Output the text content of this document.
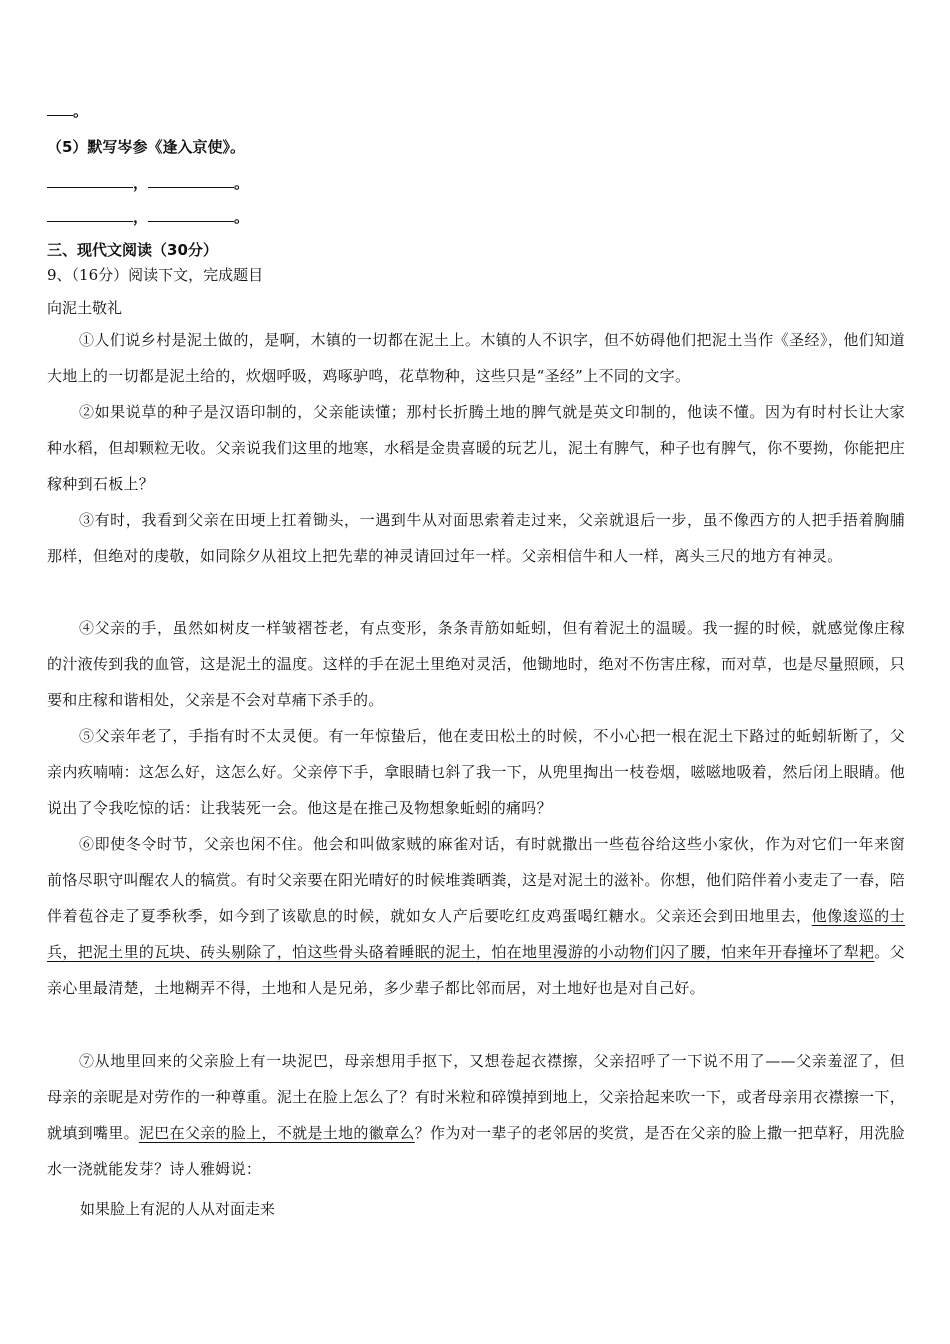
。
（5）默写岑参《逢入京使》。
，	。
，	。
三、现代文阅读（30分）
9、（16分）阅读下文，完成题目
向泥土敬礼
①人们说乡村是泥土做的，是啊，木镇的一切都在泥土上。木镇的人不识字，但不妨碍他们把泥土当作《圣经》，他们知道大地上的一切都是泥土给的，炊烟呼吸，鸡啄驴鸣，花草物种，这些只是“圣经”上不同的文字。
②如果说草的种子是汉语印制的，父亲能读懂；那村长折腾土地的脾气就是英文印制的，他读不懂。因为有时村长让大家种水稻，但却颗粒无收。父亲说我们这里的地寒，水稻是金贵喜暖的玩艺儿，泥土有脾气，种子也有脾气，你不要拗，你能把庄稼种到石板上？
③有时，我看到父亲在田埂上扛着锄头，一遇到牛从对面思索着走过来，父亲就退后一步，虽不像西方的人把手捂着胸脯那样，但绝对的虔敬，如同除夕从祖坟上把先辈的神灵请回过年一样。父亲相信牛和人一样，离头三尺的地方有神灵。
④父亲的手，虽然如树皮一样皱褶苍老，有点变形，条条青筋如蚯蚓，但有着泥土的温暖。我一握的时候，就感觉像庄稼的汁液传到我的血管，这是泥土的温度。这样的手在泥土里绝对灵活，他锄地时，绝对不伤害庄稼，而对草，也是尽量照顾，只要和庄稼和谐相处，父亲是不会对草痛下杀手的。
⑤父亲年老了，手指有时不太灵便。有一年惊蛰后，他在麦田松土的时候，不小心把一根在泥土下路过的蚯蚓斩断了，父亲内疚喃喃：这怎么好，这怎么好。父亲停下手，拿眼睛乜斜了我一下，从兜里掏出一枝卷烟，嗞嗞地吸着，然后闭上眼睛。他说出了令我吃惊的话：让我装死一会。他这是在推己及物想象蚯蚓的痛吗？
⑥即使冬令时节，父亲也闲不住。他会和叫做家贼的麻雀对话，有时就撒出一些苞谷给这些小家伙，作为对它们一年来窗前恪尽职守叫醒农人的犒赏。有时父亲要在阳光晴好的时候堆粪晒粪，这是对泥土的滋补。你想，他们陪伴着小麦走了一春，陪伴着苞谷走了夏季秋季，如今到了该歇息的时候，就如女人产后要吃红皮鸡蛋喝红糖水。父亲还会到田地里去，他像逡巡的士兵，把泥土里的瓦块、砖头剔除了，怕这些骨头硌着睡眠的泥土，怕在地里漫游的小动物们闪了腰，怕来年开春撞坏了犁耙。父亲心里最清楚，土地糊弄不得，土地和人是兄弟，多少辈子都比邻而居，对土地好也是对自己好。
⑦从地里回来的父亲脸上有一块泥巴，母亲想用手抠下，又想卷起衣襟擦，父亲招呼了一下说不用了——父亲羞涩了，但母亲的亲昵是对劳作的一种尊重。泥土在脸上怎么了？有时米粒和碎馍掉到地上，父亲拾起来吹一下，或者母亲用衣襟擦一下，就填到嘴里。泥巴在父亲的脸上，不就是土地的徽章么？作为对一辈子的老邻居的奖赏，是否在父亲的脸上撒一把草籽，用洗脸水一浇就能发芽？诗人雅姆说：
如果脸上有泥的人从对面走来
